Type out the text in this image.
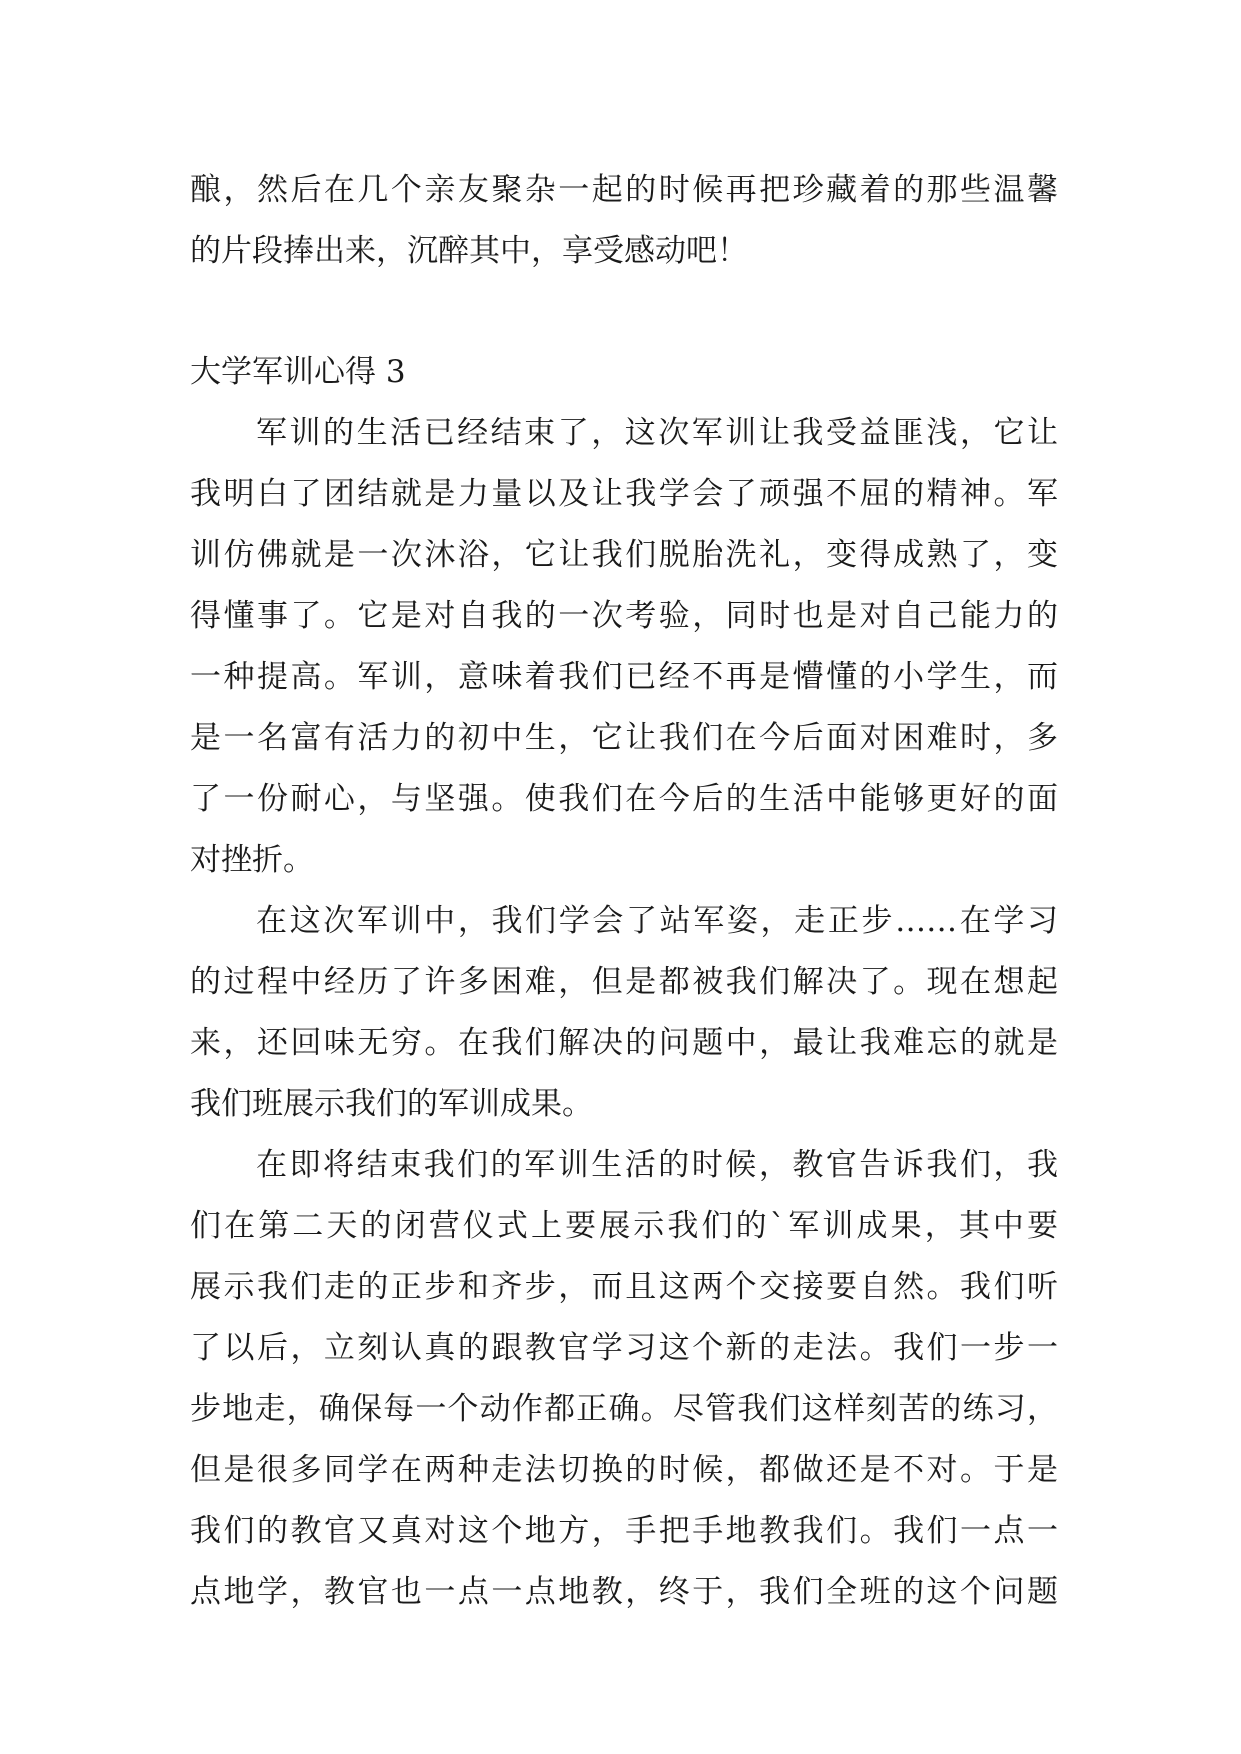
酿，然后在几个亲友聚杂一起的时候再把珍藏着的那些温馨
的片段捧出来，沉醉其中，享受感动吧！
大学军训心得 3
军训的生活已经结束了，这次军训让我受益匪浅，它让
我明白了团结就是力量以及让我学会了顽强不屈的精神。军
训仿佛就是一次沐浴，它让我们脱胎洗礼，变得成熟了，变
得懂事了。它是对自我的一次考验，同时也是对自己能力的
一种提高。军训，意味着我们已经不再是懵懂的小学生，而
是一名富有活力的初中生，它让我们在今后面对困难时，多
了一份耐心，与坚强。使我们在今后的生活中能够更好的面
对挫折。
在这次军训中，我们学会了站军姿，走正步……在学习
的过程中经历了许多困难，但是都被我们解决了。现在想起
来，还回味无穷。在我们解决的问题中，最让我难忘的就是
我们班展示我们的军训成果。
在即将结束我们的军训生活的时候，教官告诉我们，我
们在第二天的闭营仪式上要展示我们的`军训成果，其中要
展示我们走的正步和齐步，而且这两个交接要自然。我们听
了以后，立刻认真的跟教官学习这个新的走法。我们一步一
步地走，确保每一个动作都正确。尽管我们这样刻苦的练习，
但是很多同学在两种走法切换的时候，都做还是不对。于是
我们的教官又真对这个地方，手把手地教我们。我们一点一
点地学，教官也一点一点地教，终于，我们全班的这个问题
